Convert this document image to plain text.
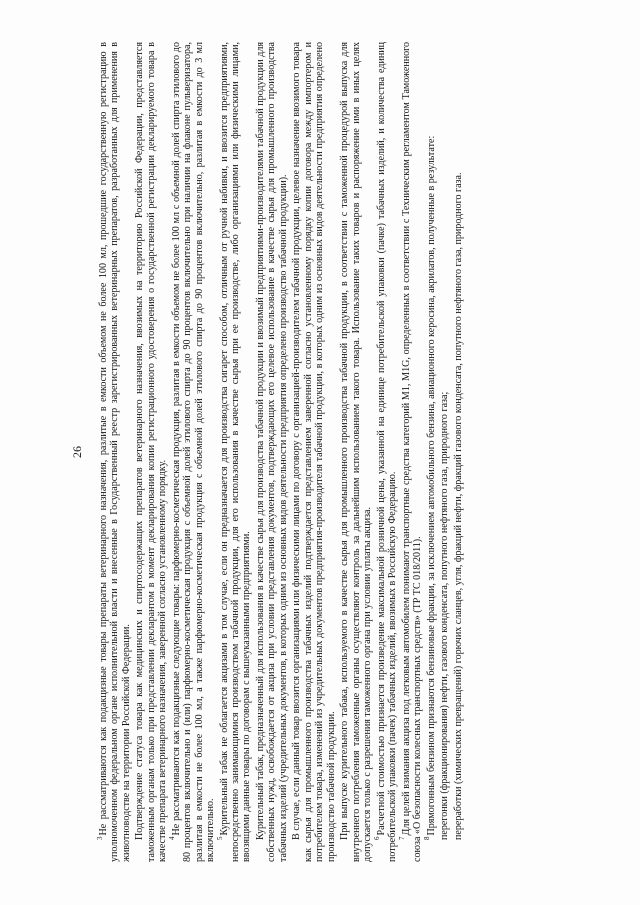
26

$^3$Не рассматриваются как подакцизные товары препараты ветеринарного назначения, разлитые в емкости объемом не более 100 мл, прошедшие государственную регистрацию в уполномоченном федеральном органе исполнительной власти и внесенные в Государственный реестр зарегистрированных ветеринарных препаратов, разработанных для применения в животноводстве на территории Российской Федерации. Подтверждение статуса товара как медицинских и спиртосодержащих препаратов ветеринарного назначения, ввозимых на территорию Российской Федерации, представляется таможенным органам только при представлении декларантом в момент декларирования копии регистрационного удостоверения о государственной регистрации декларируемого товара в качестве препарата ветеринарного назначения, заверенной согласно установленному порядку. $^4$Не рассматриваются как подакцизные следующие товары: парфюмерно-косметическая продукция, разлитая в емкости объемом не более 100 мл с объемной долей спирта этилового до 80 процентов включительно и (или) парфюмерно-косметическая продукция с объемной долей этилового спирта до 90 процентов включительно при наличии на флаконе пульверизатора, разлитая в емкости не более 100 мл, а также парфюмерно-косметическая продукция с объемной долей этилового спирта до 90 процентов включительно, разлитая в емкости до 3 мл включительно. $^5$Курительный табак не облагается акцизами в том случае, если он предназначается для производства сигарет способом, отличным от ручной набивки, и ввозится предприятиями, непосредственно занимающимися производством табачной продукции, для его использования в качестве сырья при ее производстве, либо организациями или физическими лицами, ввозящими данные товары по договорам с вышеуказанными предприятиями. Курительный табак, предназначенный для использования в качестве сырья для производства табачной продукции и ввозимый предприятиями-производителями табачной продукции для собственных нужд, освобождается от акциза при условии представления документов, подтверждающих его целевое использование в качестве сырья для промышленного производства табачных изделий (учредительных документов, в которых одним из основных видов деятельности предприятия определено производство табачной продукции). В случае, если данный товар ввозится организациями или физическими лицами по договору с организацией-производителем табачной продукции, целевое назначение ввозимого товара как сырья для промышленного производства табачных изделий подтверждается представлением заверенной согласно установленному порядку копии договора между импортером и потребителем товара, изменений из учредительных документов предприятия-производителя табачной продукции, в которых одним из основных видов деятельности предприятия определено производство табачной продукции. При выпуске курительного табака, используемого в качестве сырья для промышленного производства табачной продукции, в соответствии с таможенной процедурой выпуска для внутреннего потребления таможенные органы осуществляют контроль за дальнейшим использованием такого товара. Использование таких товаров и распоряжение ими в иных целях допускается только с разрешения таможенного органа при условии уплаты акциза. $^6$Расчетной стоимостью признается произведение максимальной розничной цены, указанной на единице потребительской упаковки (пачке) табачных изделий, и количества единиц потребительской упаковки (пачек) табачных изделий, ввозимых в Российскую Федерацию. $^7$Для целей взимания акциза под легковым автомобилем понимают транспортные средства категорий M1, M1G, определенных в соответствии с Техническим регламентом Таможенного союза «О безопасности колесных транспортных средств» (ТР ТС 018/2011). $^8$Прямогонным бензином признаются бензиновые фракции, за исключением автомобильного бензина, авиационного керосина, акрилатов, полученные в результате: перегонки (фракционирования) нефти, газового конденсата, попутного нефтяного газа, природного газа; переработки (химических превращений) горючих сланцев, угля, фракций нефти, фракций газового конденсата, попутного нефтяного газа, природного газа.
